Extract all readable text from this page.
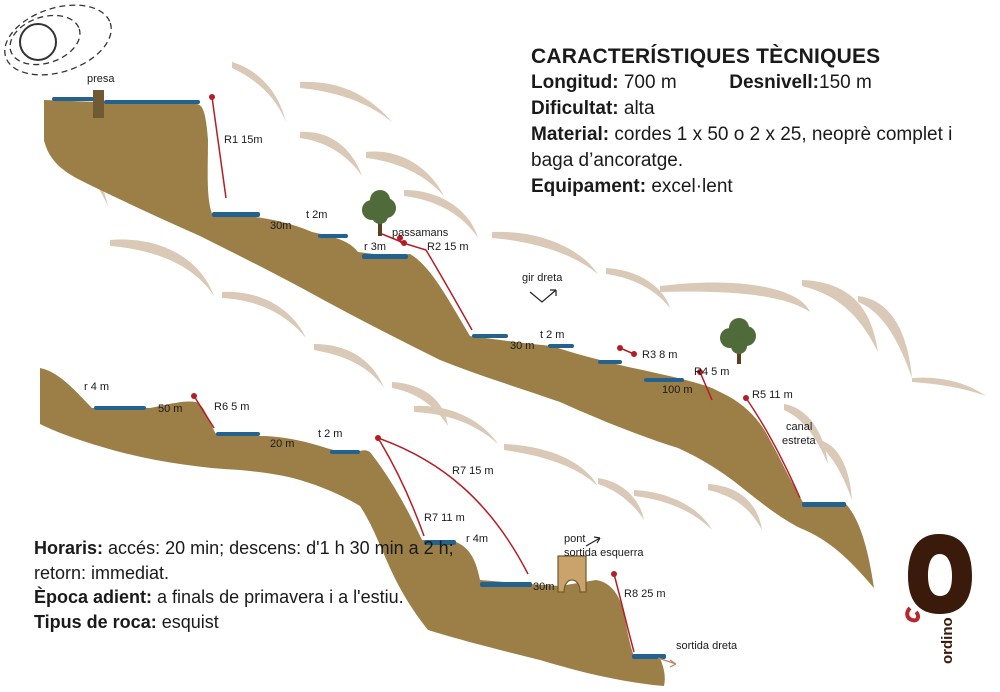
presa
R1 15m
30m
t 2m
passamans
r 3m	R2 15 m
gir dreta
30 m
t 2 m
R3 8 m
R4 5 m
100 m	R5 11 m
canal
estreta
r 4 m
50 m	R6 5 m
20 m
t 2 m
R7 15 m
R7 11 m
r 4m	pont
sortida esquerra
30m
R8 25 m
sortida dreta
CARACTERÍSTIQUES TÈCNIQUES
Longitud: 700 m	Desnivell:150 m
Dificultat: alta
Material: cordes 1 x 50 o 2 x 25, neoprè complet i baga d’ancoratge.
Equipament: excel·lent
Horaris: accés: 20 min; descens: d'1 h 30 min a 2 h; retorn: immediat.
Època adient: a finals de primavera i a l'estiu.
Tipus de roca: esquist	ordino
